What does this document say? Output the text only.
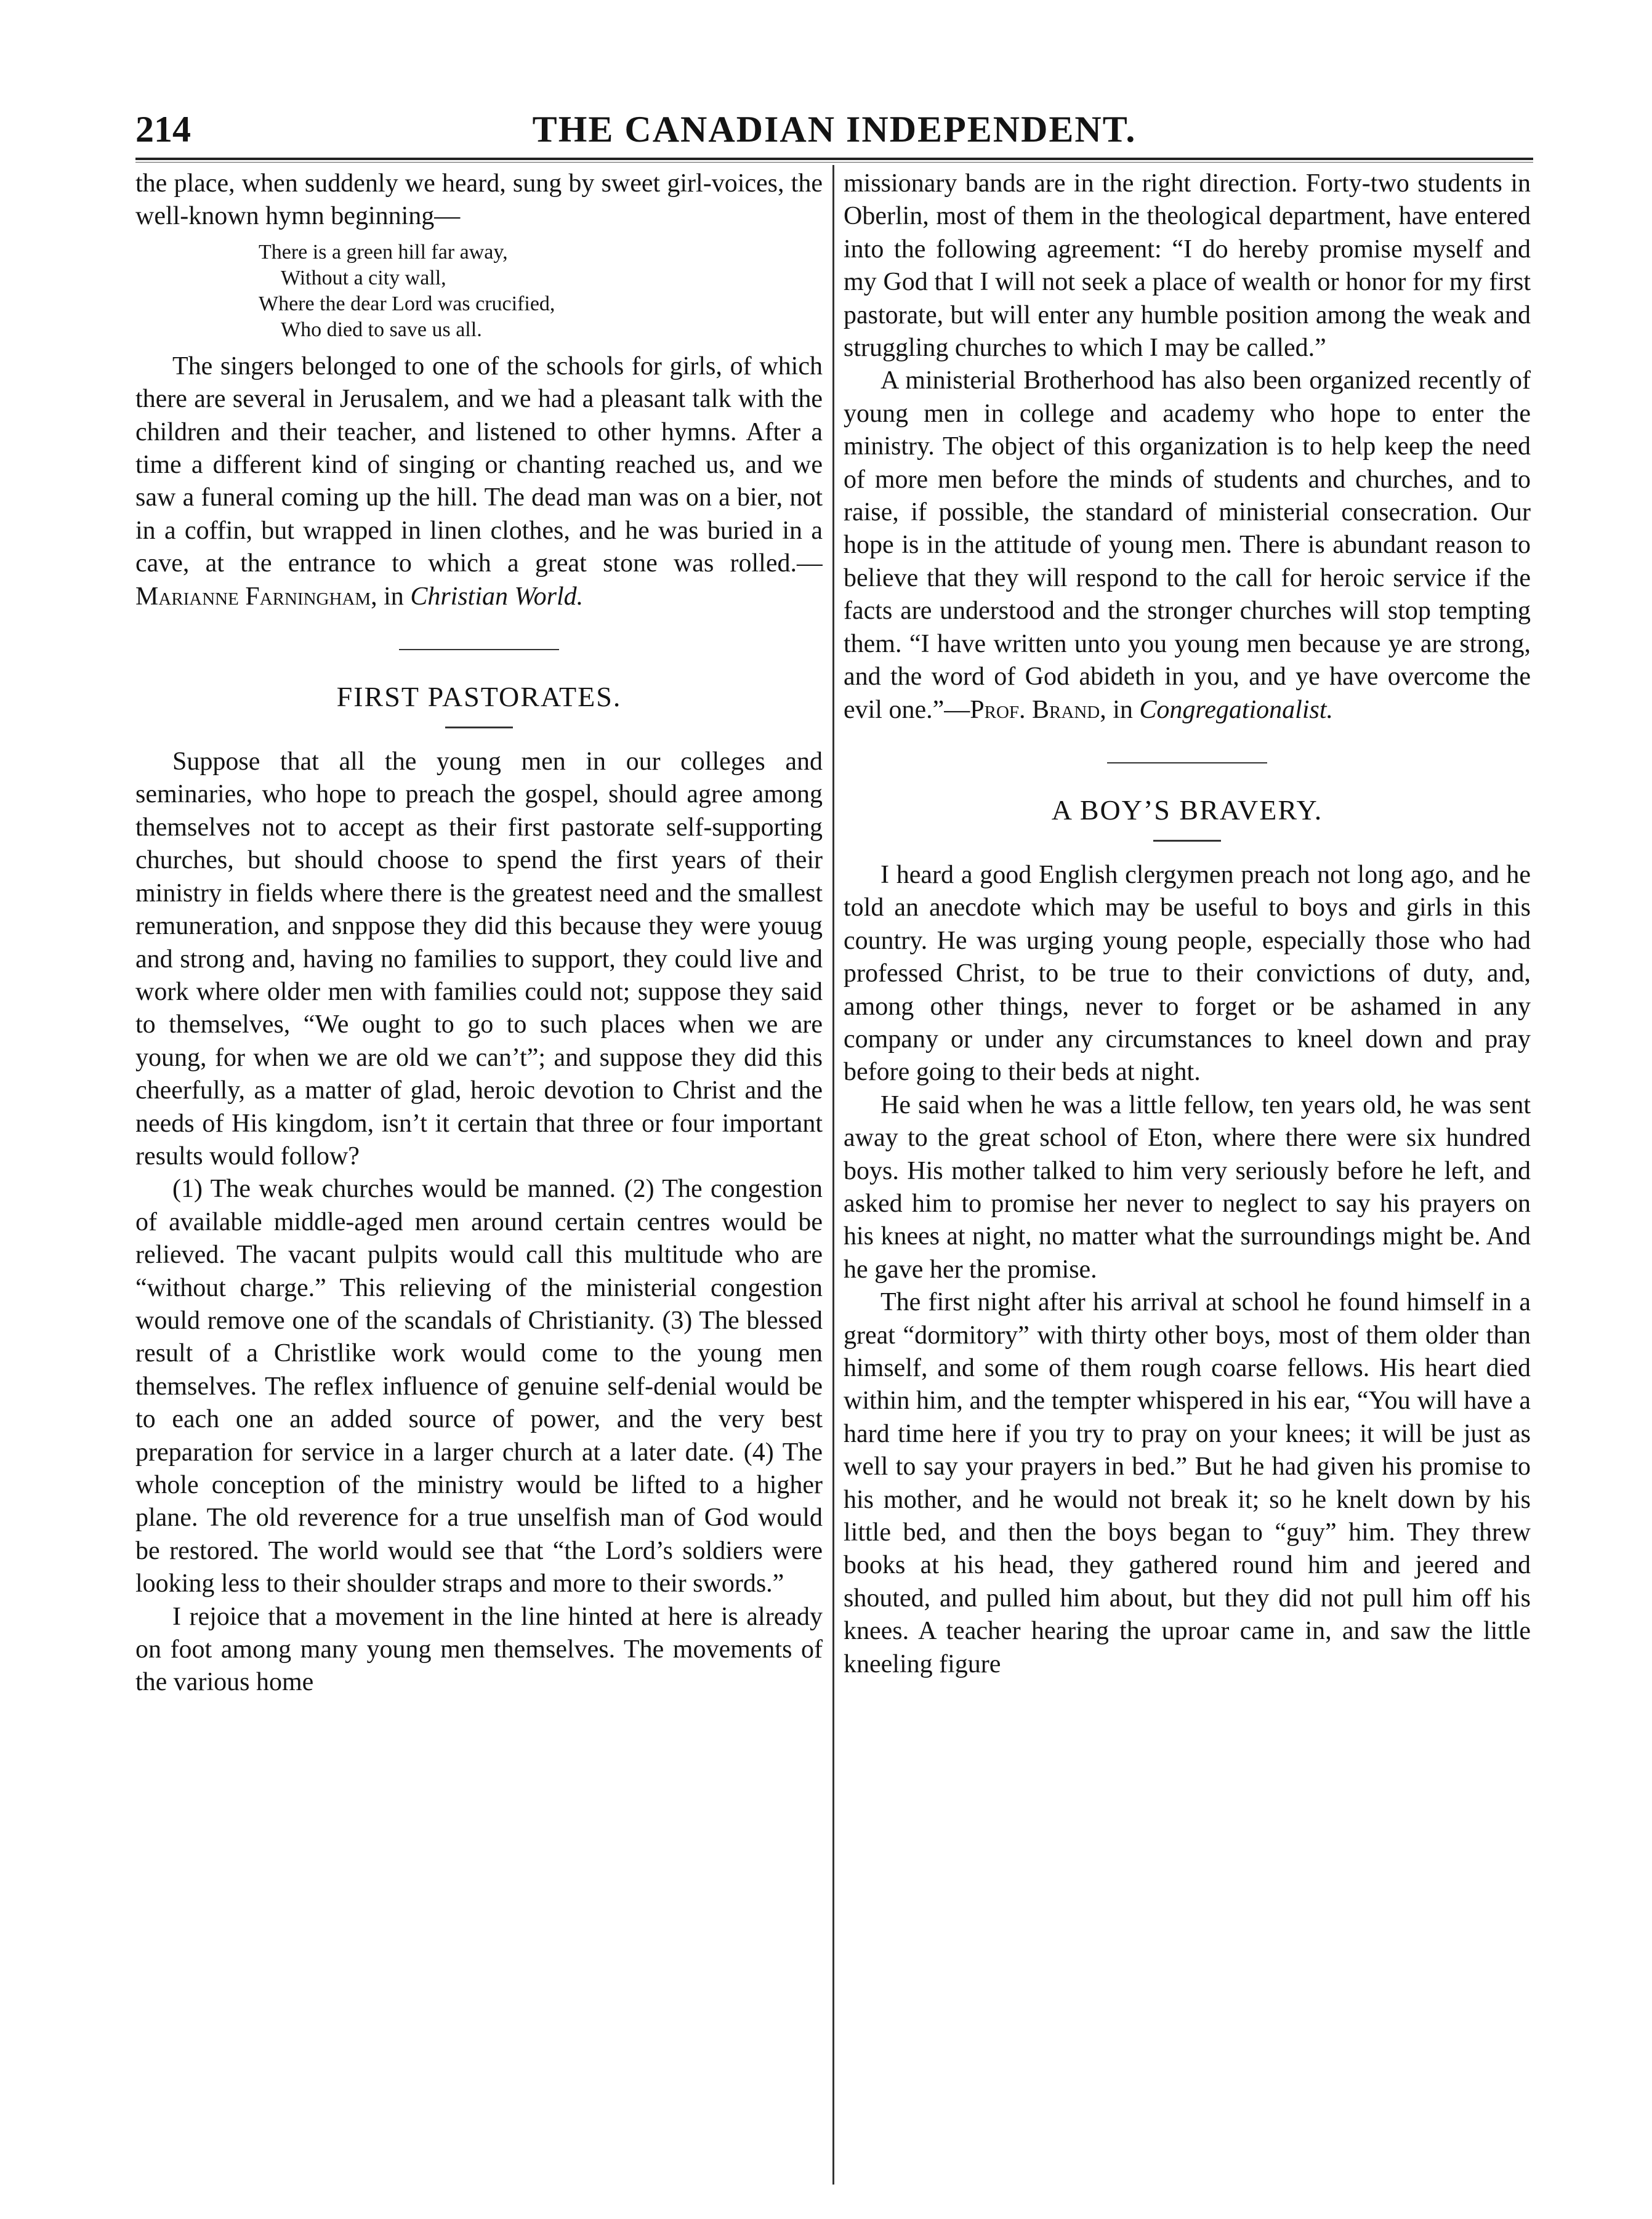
214	THE CANADIAN INDEPENDENT.

the place, when suddenly we heard, sung by sweet girl-voices, the well-known hymn beginning—

There is a green hill far away,
Without a city wall,
Where the dear Lord was crucified,
Who died to save us all.

The singers belonged to one of the schools for girls, of which there are several in Jerusalem, and we had a pleasant talk with the children and their teacher, and listened to other hymns. After a time a different kind of singing or chanting reached us, and we saw a funeral coming up the hill. The dead man was on a bier, not in a coffin, but wrapped in linen clothes, and he was buried in a cave, at the entrance to which a great stone was rolled.—Marianne Farningham, in Christian World.

FIRST PASTORATES.

Suppose that all the young men in our colleges and seminaries, who hope to preach the gospel, should agree among themselves not to accept as their first pastorate self-supporting churches, but should choose to spend the first years of their ministry in fields where there is the greatest need and the smallest remuneration, and snppose they did this because they were youug and strong and, having no families to support, they could live and work where older men with families could not; suppose they said to themselves, “We ought to go to such places when we are young, for when we are old we can’t”; and suppose they did this cheerfully, as a matter of glad, heroic devotion to Christ and the needs of His kingdom, isn’t it certain that three or four important results would follow?

(1) The weak churches would be manned. (2) The congestion of available middle-aged men around certain centres would be relieved. The vacant pulpits would call this multitude who are “without charge.” This relieving of the ministerial congestion would remove one of the scandals of Christianity. (3) The blessed result of a Christlike work would come to the young men themselves. The reflex influence of genuine self-denial would be to each one an added source of power, and the very best preparation for service in a larger church at a later date. (4) The whole conception of the ministry would be lifted to a higher plane. The old reverence for a true unselfish man of God would be restored. The world would see that “the Lord’s soldiers were looking less to their shoulder straps and more to their swords.”

I rejoice that a movement in the line hinted at here is already on foot among many young men themselves. The movements of the various home

missionary bands are in the right direction. Forty-two students in Oberlin, most of them in the theological department, have entered into the following agreement: “I do hereby promise myself and my God that I will not seek a place of wealth or honor for my first pastorate, but will enter any humble position among the weak and struggling churches to which I may be called.”

A ministerial Brotherhood has also been organized recently of young men in college and academy who hope to enter the ministry. The object of this organization is to help keep the need of more men before the minds of students and churches, and to raise, if possible, the standard of ministerial consecration. Our hope is in the attitude of young men. There is abundant reason to believe that they will respond to the call for heroic service if the facts are understood and the stronger churches will stop tempting them. “I have written unto you young men because ye are strong, and the word of God abideth in you, and ye have overcome the evil one.”—Prof. Brand, in Congregationalist.

A BOY’S BRAVERY.

I heard a good English clergymen preach not long ago, and he told an anecdote which may be useful to boys and girls in this country. He was urging young people, especially those who had professed Christ, to be true to their convictions of duty, and, among other things, never to forget or be ashamed in any company or under any circumstances to kneel down and pray before going to their beds at night.

He said when he was a little fellow, ten years old, he was sent away to the great school of Eton, where there were six hundred boys. His mother talked to him very seriously before he left, and asked him to promise her never to neglect to say his prayers on his knees at night, no matter what the surroundings might be. And he gave her the promise.

The first night after his arrival at school he found himself in a great “dormitory” with thirty other boys, most of them older than himself, and some of them rough coarse fellows. His heart died within him, and the tempter whispered in his ear, “You will have a hard time here if you try to pray on your knees; it will be just as well to say your prayers in bed.” But he had given his promise to his mother, and he would not break it; so he knelt down by his little bed, and then the boys began to “guy” him. They threw books at his head, they gathered round him and jeered and shouted, and pulled him about, but they did not pull him off his knees. A teacher hearing the uproar came in, and saw the little kneeling figure
